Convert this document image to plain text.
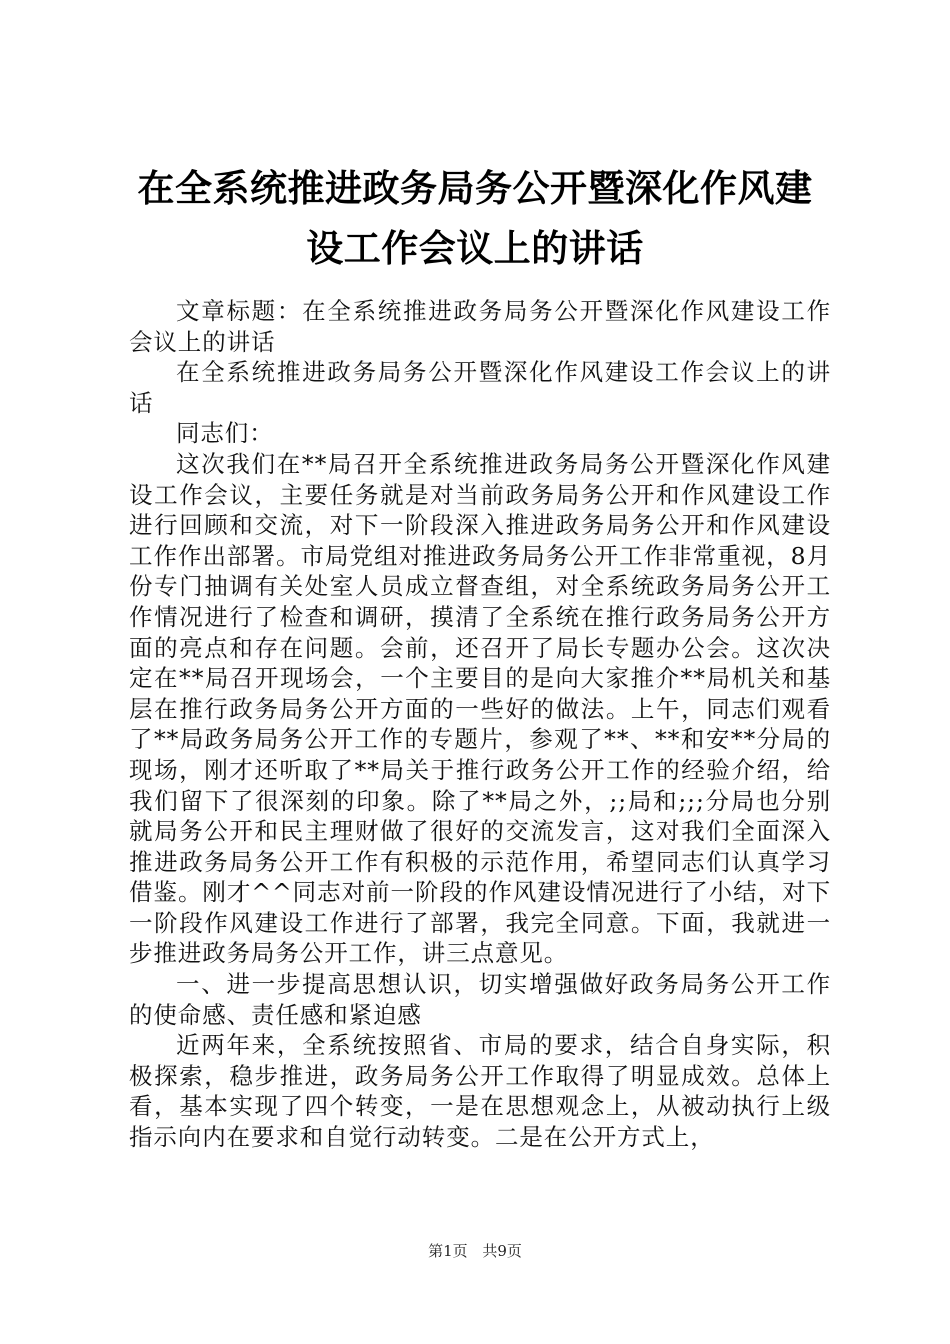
在全系统推进政务局务公开暨深化作风建设工作会议上的讲话

文章标题：在全系统推进政务局务公开暨深化作风建设工作会议上的讲话

在全系统推进政务局务公开暨深化作风建设工作会议上的讲话

同志们：

这次我们在**局召开全系统推进政务局务公开暨深化作风建设工作会议，主要任务就是对当前政务局务公开和作风建设工作进行回顾和交流，对下一阶段深入推进政务局务公开和作风建设工作作出部署。市局党组对推进政务局务公开工作非常重视，8月份专门抽调有关处室人员成立督查组，对全系统政务局务公开工作情况进行了检查和调研，摸清了全系统在推行政务局务公开方面的亮点和存在问题。会前，还召开了局长专题办公会。这次决定在**局召开现场会，一个主要目的是向大家推介**局机关和基层在推行政务局务公开方面的一些好的做法。上午，同志们观看了**局政务局务公开工作的专题片，参观了**、**和安**分局的现场，刚才还听取了**局关于推行政务公开工作的经验介绍，给我们留下了很深刻的印象。除了**局之外，;;局和;;;分局也分别就局务公开和民主理财做了很好的交流发言，这对我们全面深入推进政务局务公开工作有积极的示范作用，希望同志们认真学习借鉴。刚才^^同志对前一阶段的作风建设情况进行了小结，对下一阶段作风建设工作进行了部署，我完全同意。下面，我就进一步推进政务局务公开工作，讲三点意见。

一、进一步提高思想认识，切实增强做好政务局务公开工作的使命感、责任感和紧迫感

近两年来，全系统按照省、市局的要求，结合自身实际，积极探索，稳步推进，政务局务公开工作取得了明显成效。总体上看，基本实现了四个转变，一是在思想观念上，从被动执行上级指示向内在要求和自觉行动转变。二是在公开方式上，

第1页 共9页
